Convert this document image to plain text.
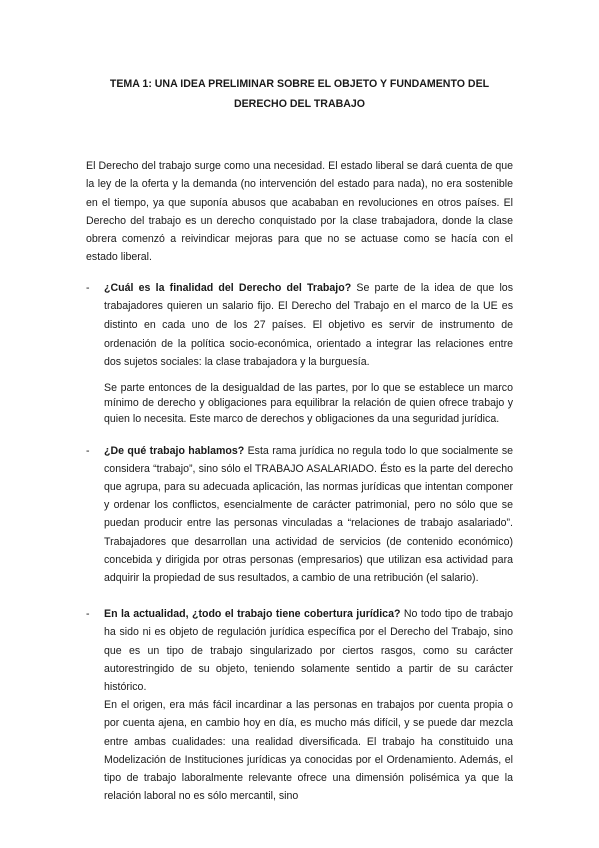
TEMA 1: UNA IDEA PRELIMINAR SOBRE EL OBJETO Y FUNDAMENTO DEL
DERECHO DEL TRABAJO

El Derecho del trabajo surge como una necesidad. El estado liberal se dará cuenta de que la ley de la oferta y la demanda (no intervención del estado para nada), no era sostenible en el tiempo, ya que suponía abusos que acababan en revoluciones en otros países. El Derecho del trabajo es un derecho conquistado por la clase trabajadora, donde la clase obrera comenzó a reivindicar mejoras para que no se actuase como se hacía con el estado liberal.

- ¿Cuál es la finalidad del Derecho del Trabajo? Se parte de la idea de que los trabajadores quieren un salario fijo. El Derecho del Trabajo en el marco de la UE es distinto en cada uno de los 27 países. El objetivo es servir de instrumento de ordenación de la política socio-económica, orientado a integrar las relaciones entre dos sujetos sociales: la clase trabajadora y la burguesía.

Se parte entonces de la desigualdad de las partes, por lo que se establece un marco mínimo de derecho y obligaciones para equilibrar la relación de quien ofrece trabajo y quien lo necesita. Este marco de derechos y obligaciones da una seguridad jurídica.

- ¿De qué trabajo hablamos? Esta rama jurídica no regula todo lo que socialmente se considera “trabajo”, sino sólo el TRABAJO ASALARIADO. Ésto es la parte del derecho que agrupa, para su adecuada aplicación, las normas jurídicas que intentan componer y ordenar los conflictos, esencialmente de carácter patrimonial, pero no sólo que se puedan producir entre las personas vinculadas a “relaciones de trabajo asalariado”. Trabajadores que desarrollan una actividad de servicios (de contenido económico) concebida y dirigida por otras personas (empresarios) que utilizan esa actividad para adquirir la propiedad de sus resultados, a cambio de una retribución (el salario).

- En la actualidad, ¿todo el trabajo tiene cobertura jurídica? No todo tipo de trabajo ha sido ni es objeto de regulación jurídica específica por el Derecho del Trabajo, sino que es un tipo de trabajo singularizado por ciertos rasgos, como su carácter autorestringido de su objeto, teniendo solamente sentido a partir de su carácter histórico.

En el origen, era más fácil incardinar a las personas en trabajos por cuenta propia o por cuenta ajena, en cambio hoy en día, es mucho más difícil, y se puede dar mezcla entre ambas cualidades: una realidad diversificada. El trabajo ha constituido una Modelización de Instituciones jurídicas ya conocidas por el Ordenamiento. Además, el tipo de trabajo laboralmente relevante ofrece una dimensión polisémica ya que la relación laboral no es sólo mercantil, sino
